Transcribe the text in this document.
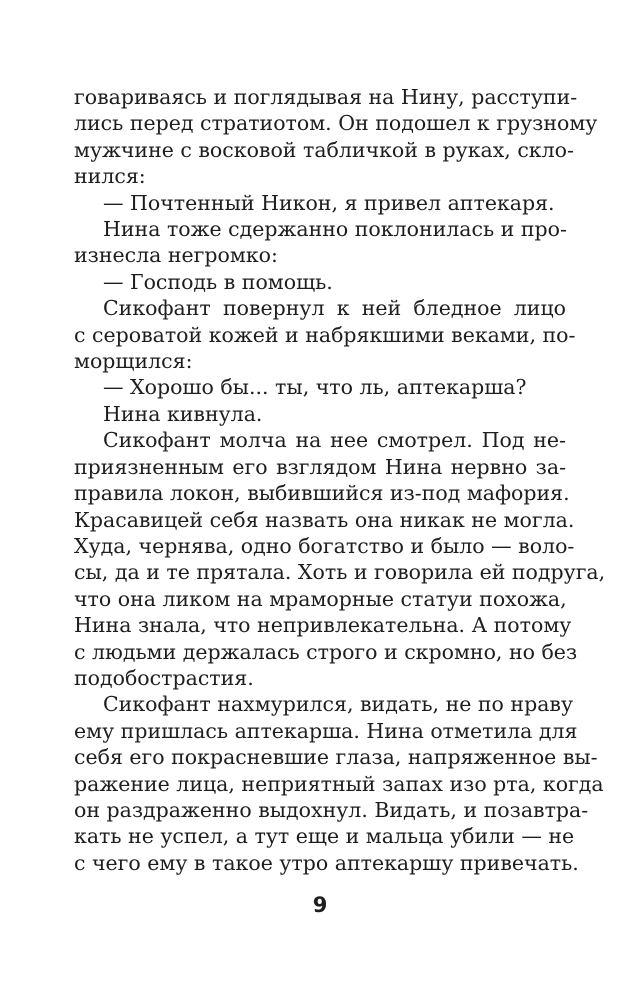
говариваясь и поглядывая на Нину, расступи-
лись перед стратиотом. Он подошел к грузному
мужчине с восковой табличкой в руках, скло-
нился:

— Почтенный Никон, я привел аптекаря.

Нина тоже сдержанно поклонилась и про-
изнесла негромко:

— Господь в помощь.

Сикофант повернул к ней бледное лицо
с сероватой кожей и набрякшими веками, по-
морщился:

— Хорошо бы... ты, что ль, аптекарша?

Нина кивнула.

Сикофант молча на нее смотрел. Под не-
приязненным его взглядом Нина нервно за-
правила локон, выбившийся из-под мафория.
Красавицей себя назвать она никак не могла.
Худа, чернява, одно богатство и было — воло-
сы, да и те прятала. Хоть и говорила ей подруга,
что она ликом на мраморные статуи похожа,
Нина знала, что непривлекательна. А потому
с людьми держалась строго и скромно, но без
подобострастия.

Сикофант нахмурился, видать, не по нраву
ему пришлась аптекарша. Нина отметила для
себя его покрасневшие глаза, напряженное вы-
ражение лица, неприятный запах изо рта, когда
он раздраженно выдохнул. Видать, и позавтра-
кать не успел, а тут еще и мальца убили — не
с чего ему в такое утро аптекаршу привечать.

9
